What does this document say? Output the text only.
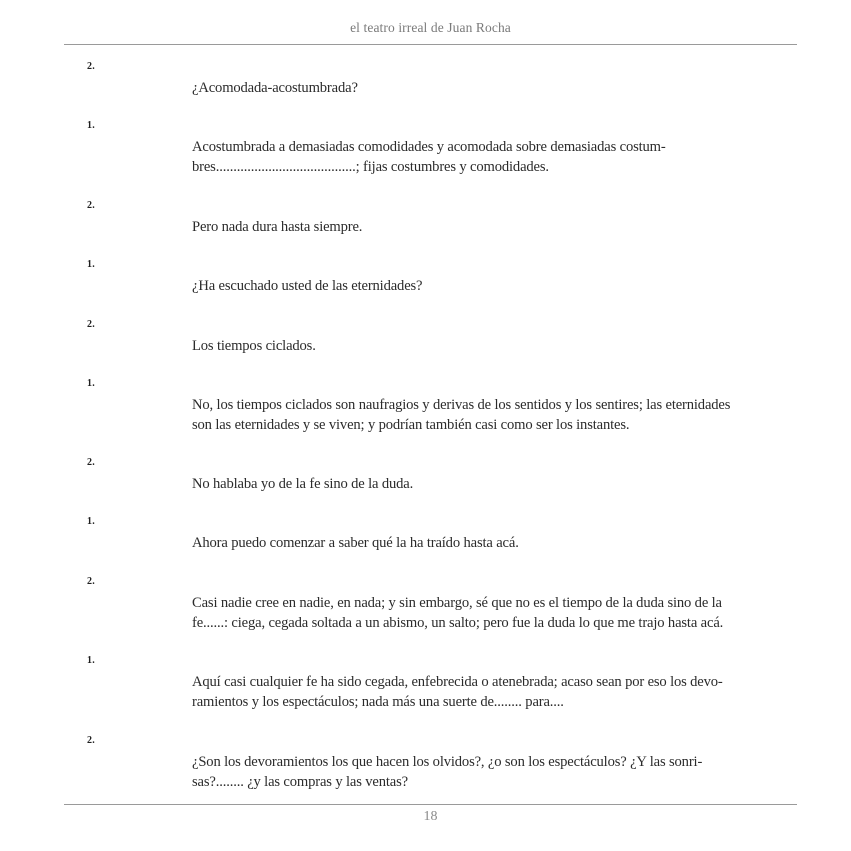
el teatro irreal de Juan Rocha
2.
¿Acomodada-acostumbrada?
1.
Acostumbrada a demasiadas comodidades y acomodada sobre demasiadas costum-
bres........................................; fijas costumbres y comodidades.
2.
Pero nada dura hasta siempre.
1.
¿Ha escuchado usted de las eternidades?
2.
Los tiempos ciclados.
1.
No, los tiempos ciclados son naufragios y derivas de los sentidos y los sentires; las eternidades
son las eternidades y se viven; y podrían también casi como ser los instantes.
2.
No hablaba yo de la fe sino de la duda.
1.
Ahora puedo comenzar a saber qué la ha traído hasta acá.
2.
Casi nadie cree en nadie, en nada; y sin embargo, sé que no es el tiempo de la duda sino de la
fe......: ciega, cegada soltada a un abismo, un salto; pero fue la duda lo que me trajo hasta acá.
1.
Aquí casi cualquier fe ha sido cegada, enfebrecida o atenebrada; acaso sean por eso los devo-
ramientos y los espectáculos; nada más una suerte de........ para....
2.
¿Son los devoramientos los que hacen los olvidos?, ¿o son los espectáculos? ¿Y las sonri-
sas?........ ¿y las compras y las ventas?
18
